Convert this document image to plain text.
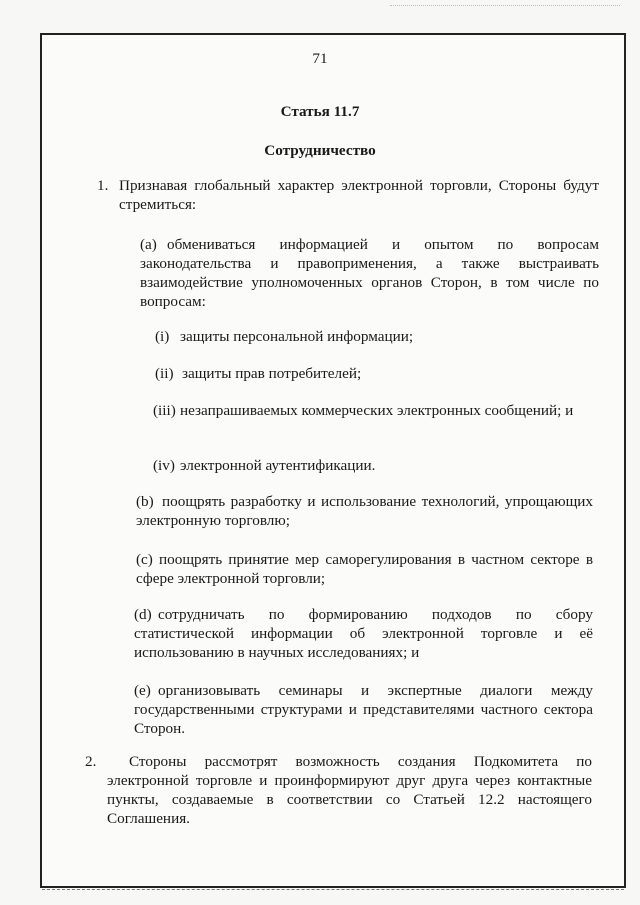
71
Статья 11.7
Сотрудничество
1. Признавая глобальный характер электронной торговли, Стороны будут стремиться:
(a) обмениваться информацией и опытом по вопросам законодательства и правоприменения, а также выстраивать взаимодействие уполномоченных органов Сторон, в том числе по вопросам:
(i) защиты персональной информации;
(ii) защиты прав потребителей;
(iii) незапрашиваемых коммерческих электронных сообщений; и
(iv) электронной аутентификации.
(b) поощрять разработку и использование технологий, упрощающих электронную торговлю;
(c) поощрять принятие мер саморегулирования в частном секторе в сфере электронной торговли;
(d) сотрудничать по формированию подходов по сбору статистической информации об электронной торговле и её использованию в научных исследованиях; и
(e) организовывать семинары и экспертные диалоги между государственными структурами и представителями частного сектора Сторон.
2.	Стороны рассмотрят возможность создания Подкомитета по электронной торговле и проинформируют друг друга через контактные пункты, создаваемые в соответствии со Статьей 12.2 настоящего Соглашения.
